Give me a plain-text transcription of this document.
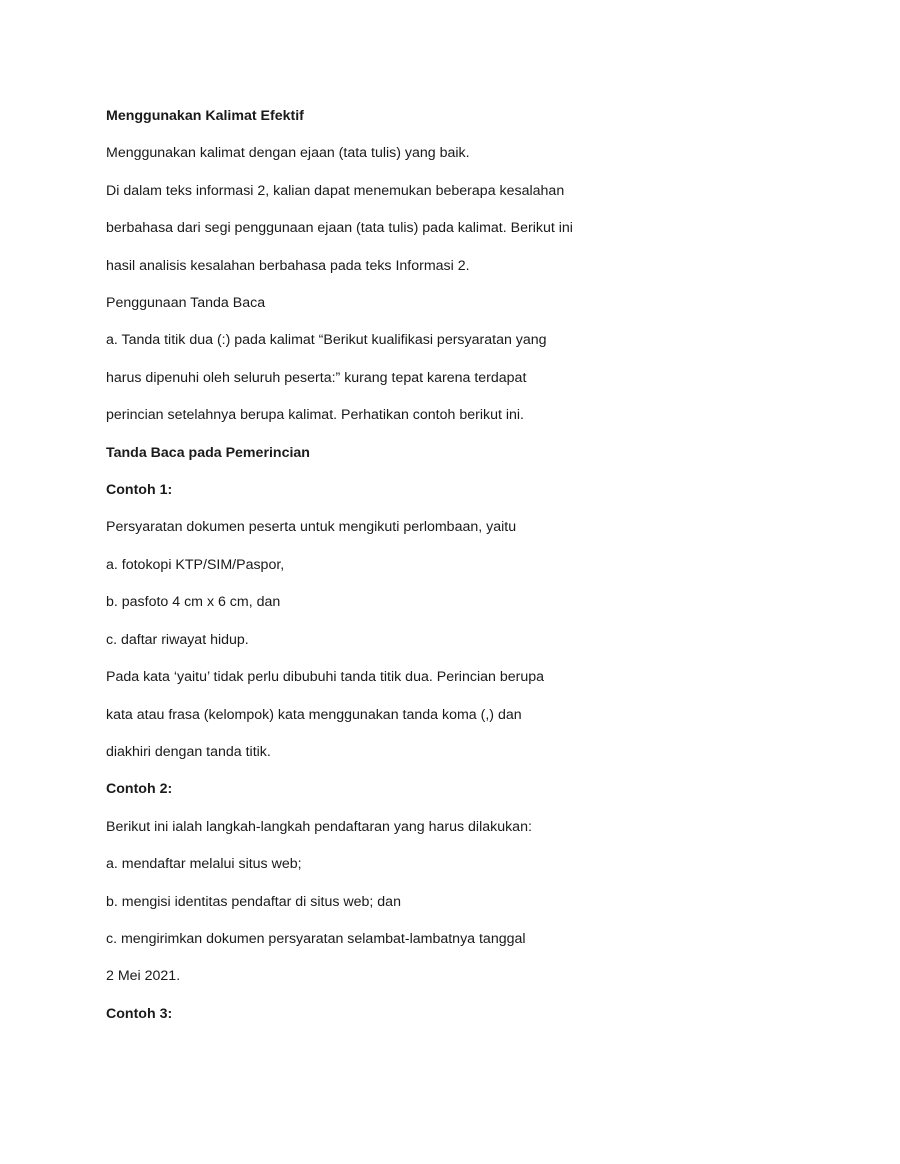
Menggunakan Kalimat Efektif

Menggunakan kalimat dengan ejaan (tata tulis) yang baik.

Di dalam teks informasi 2, kalian dapat menemukan beberapa kesalahan

berbahasa dari segi penggunaan ejaan (tata tulis) pada kalimat. Berikut ini

hasil analisis kesalahan berbahasa pada teks Informasi 2.

Penggunaan Tanda Baca

a. Tanda titik dua (:) pada kalimat “Berikut kualifikasi persyaratan yang

harus dipenuhi oleh seluruh peserta:” kurang tepat karena terdapat

perincian setelahnya berupa kalimat. Perhatikan contoh berikut ini.

Tanda Baca pada Pemerincian

Contoh 1:

Persyaratan dokumen peserta untuk mengikuti perlombaan, yaitu

a. fotokopi KTP/SIM/Paspor,

b. pasfoto 4 cm x 6 cm, dan

c. daftar riwayat hidup.

Pada kata ‘yaitu’ tidak perlu dibubuhi tanda titik dua. Perincian berupa

kata atau frasa (kelompok) kata menggunakan tanda koma (,) dan

diakhiri dengan tanda titik.

Contoh 2:

Berikut ini ialah langkah-langkah pendaftaran yang harus dilakukan:

a. mendaftar melalui situs web;

b. mengisi identitas pendaftar di situs web; dan

c. mengirimkan dokumen persyaratan selambat-lambatnya tanggal

2 Mei 2021.

Contoh 3:
